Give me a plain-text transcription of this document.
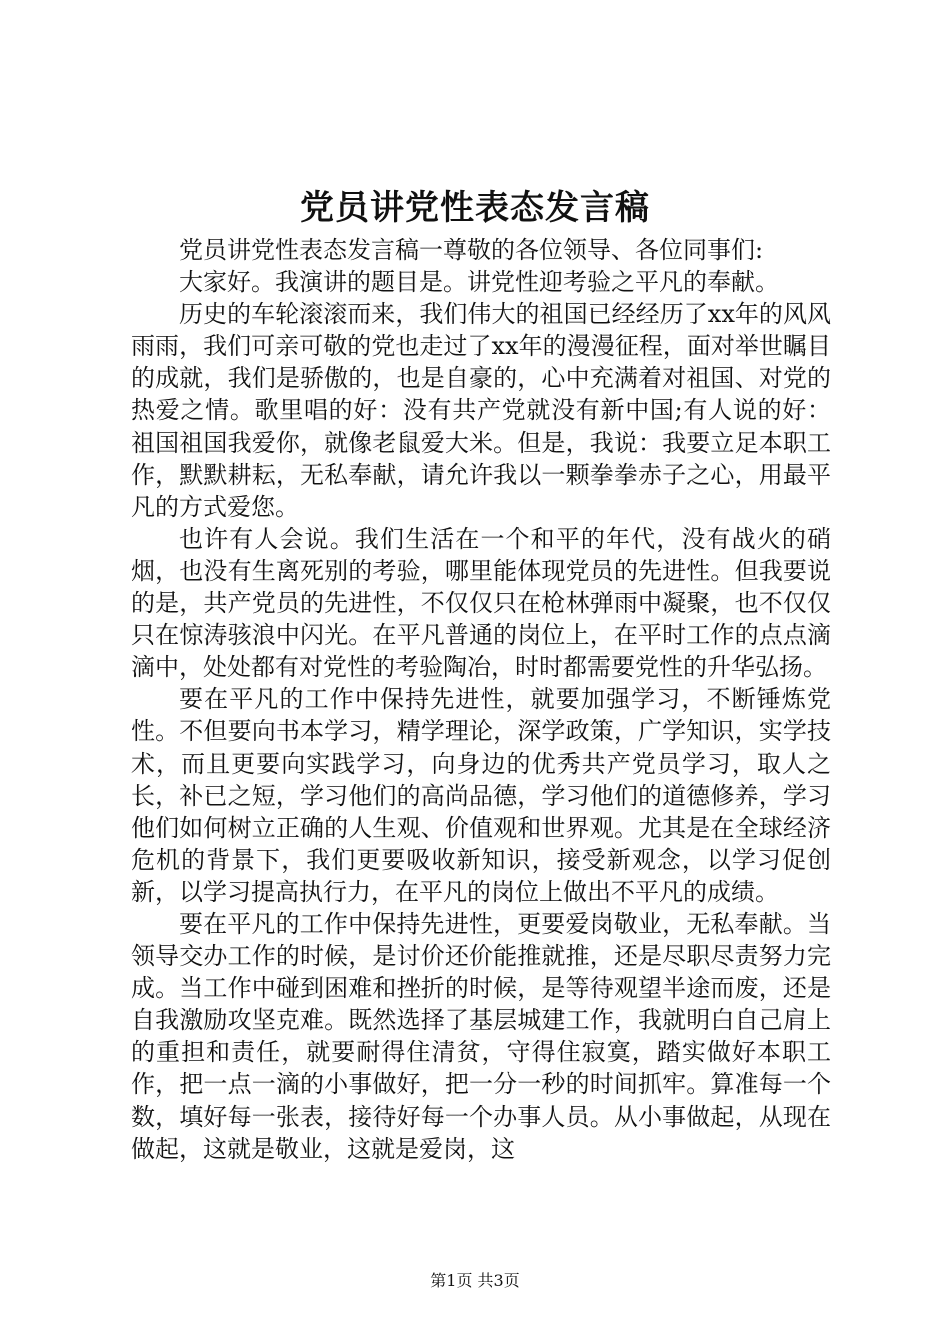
党员讲党性表态发言稿

党员讲党性表态发言稿一尊敬的各位领导、各位同事们:

大家好。我演讲的题目是。讲党性迎考验之平凡的奉献。

历史的车轮滚滚而来，我们伟大的祖国已经经历了xx年的风风雨雨，我们可亲可敬的党也走过了xx年的漫漫征程，面对举世瞩目的成就，我们是骄傲的，也是自豪的，心中充满着对祖国、对党的热爱之情。歌里唱的好：没有共产党就没有新中国;有人说的好：祖国祖国我爱你，就像老鼠爱大米。但是，我说：我要立足本职工作，默默耕耘，无私奉献，请允许我以一颗拳拳赤子之心，用最平凡的方式爱您。

也许有人会说。我们生活在一个和平的年代，没有战火的硝烟，也没有生离死别的考验，哪里能体现党员的先进性。但我要说的是，共产党员的先进性，不仅仅只在枪林弹雨中凝聚，也不仅仅只在惊涛骇浪中闪光。在平凡普通的岗位上，在平时工作的点点滴滴中，处处都有对党性的考验陶冶，时时都需要党性的升华弘扬。

要在平凡的工作中保持先进性，就要加强学习，不断锤炼党性。不但要向书本学习，精学理论，深学政策，广学知识，实学技术，而且更要向实践学习，向身边的优秀共产党员学习，取人之长，补已之短，学习他们的高尚品德，学习他们的道德修养，学习他们如何树立正确的人生观、价值观和世界观。尤其是在全球经济危机的背景下，我们更要吸收新知识，接受新观念，以学习促创新，以学习提高执行力，在平凡的岗位上做出不平凡的成绩。

要在平凡的工作中保持先进性，更要爱岗敬业，无私奉献。当领导交办工作的时候，是讨价还价能推就推，还是尽职尽责努力完成。当工作中碰到困难和挫折的时候，是等待观望半途而废，还是自我激励攻坚克难。既然选择了基层城建工作，我就明白自己肩上的重担和责任，就要耐得住清贫，守得住寂寞，踏实做好本职工作，把一点一滴的小事做好，把一分一秒的时间抓牢。算准每一个数，填好每一张表，接待好每一个办事人员。从小事做起，从现在做起，这就是敬业，这就是爱岗，这

第1页 共3页
